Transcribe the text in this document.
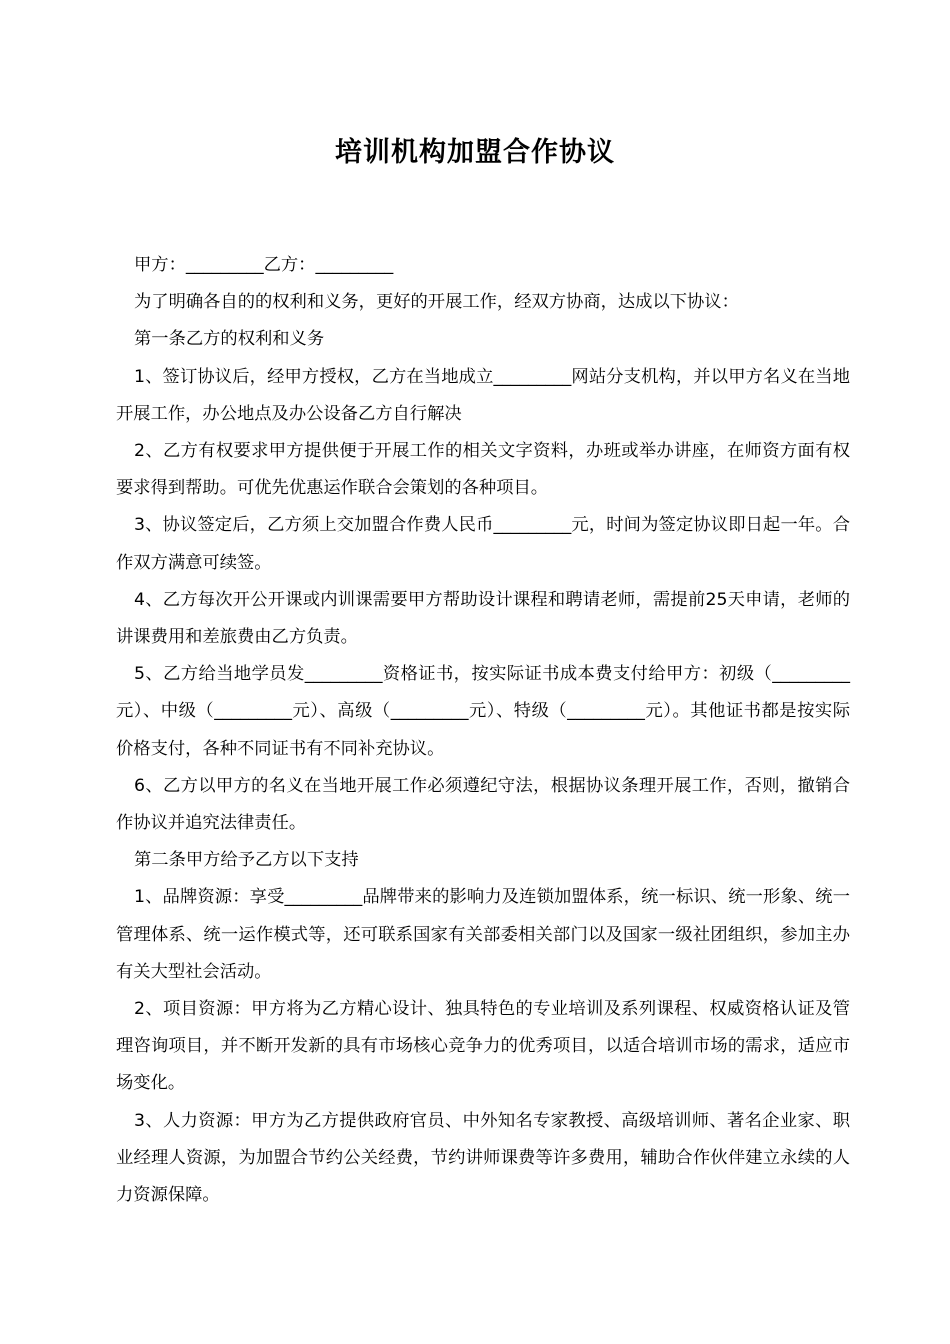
培训机构加盟合作协议

甲方：_________乙方：_________

为了明确各自的的权利和义务，更好的开展工作，经双方协商，达成以下协议：

第一条乙方的权利和义务

1、签订协议后，经甲方授权，乙方在当地成立_________网站分支机构，并以甲方名义在当地开展工作，办公地点及办公设备乙方自行解决

2、乙方有权要求甲方提供便于开展工作的相关文字资料，办班或举办讲座，在师资方面有权要求得到帮助。可优先优惠运作联合会策划的各种项目。

3、协议签定后，乙方须上交加盟合作费人民币_________元，时间为签定协议即日起一年。合作双方满意可续签。

4、乙方每次开公开课或内训课需要甲方帮助设计课程和聘请老师，需提前25天申请，老师的讲课费用和差旅费由乙方负责。

5、乙方给当地学员发_________资格证书，按实际证书成本费支付给甲方：初级（_________元）、中级（_________元）、高级（_________元）、特级（_________元）。其他证书都是按实际价格支付，各种不同证书有不同补充协议。

6、乙方以甲方的名义在当地开展工作必须遵纪守法，根据协议条理开展工作，否则，撤销合作协议并追究法律责任。

第二条甲方给予乙方以下支持

1、品牌资源：享受_________品牌带来的影响力及连锁加盟体系，统一标识、统一形象、统一管理体系、统一运作模式等，还可联系国家有关部委相关部门以及国家一级社团组织，参加主办有关大型社会活动。

2、项目资源：甲方将为乙方精心设计、独具特色的专业培训及系列课程、权威资格认证及管理咨询项目，并不断开发新的具有市场核心竞争力的优秀项目，以适合培训市场的需求，适应市场变化。

3、人力资源：甲方为乙方提供政府官员、中外知名专家教授、高级培训师、著名企业家、职业经理人资源，为加盟合节约公关经费，节约讲师课费等许多费用，辅助合作伙伴建立永续的人力资源保障。
